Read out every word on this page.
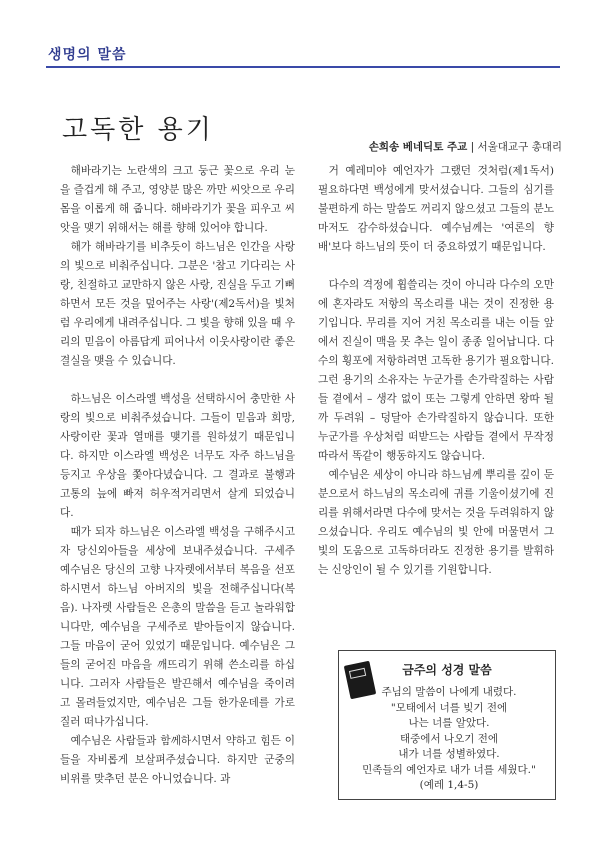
생명의 말씀
고독한 용기
손희송 베네딕토 주교 | 서울대교구 총대리

해바라기는 노란색의 크고 둥근 꽃으로 우리 눈을 즐겁게 해 주고, 영양분 많은 까만 씨앗으로 우리 몸을 이롭게 해 줍니다. 해바라기가 꽃을 피우고 씨앗을 맺기 위해서는 해를 향해 있어야 합니다.

해가 해바라기를 비추듯이 하느님은 인간을 사랑의 빛으로 비춰주십니다. 그분은 '참고 기다리는 사랑, 친절하고 교만하지 않은 사랑, 진실을 두고 기뻐하면서 모든 것을 덮어주는 사랑'(제2독서)을 빛처럼 우리에게 내려주십니다. 그 빛을 향해 있을 때 우리의 믿음이 아름답게 피어나서 이웃사랑이란 좋은 결실을 맺을 수 있습니다.

하느님은 이스라엘 백성을 선택하시어 충만한 사랑의 빛으로 비춰주셨습니다. 그들이 믿음과 희망, 사랑이란 꽃과 열매를 맺기를 원하셨기 때문입니다. 하지만 이스라엘 백성은 너무도 자주 하느님을 등지고 우상을 쫓아다녔습니다. 그 결과로 불행과 고통의 늪에 빠져 허우적거리면서 살게 되었습니다.

때가 되자 하느님은 이스라엘 백성을 구해주시고자 당신외아들을 세상에 보내주셨습니다. 구세주 예수님은 당신의 고향 나자렛에서부터 복음을 선포하시면서 하느님 아버지의 빛을 전해주십니다(복음). 나자렛 사람들은 은총의 말씀을 듣고 놀라워합니다만, 예수님을 구세주로 받아들이지 않습니다. 그들 마음이 굳어 있었기 때문입니다. 예수님은 그들의 굳어진 마음을 깨뜨리기 위해 쓴소리를 하십니다. 그러자 사람들은 발끈해서 예수님을 죽이려고 몰려들었지만, 예수님은 그들 한가운데를 가로질러 떠나가십니다.

예수님은 사람들과 함께하시면서 약하고 힘든 이들을 자비롭게 보살펴주셨습니다. 하지만 군중의 비위를 맞추던 분은 아니었습니다. 과

거 예레미야 예언자가 그랬던 것처럼(제1독서) 필요하다면 백성에게 맞서셨습니다. 그들의 심기를 불편하게 하는 말씀도 꺼리지 않으셨고 그들의 분노마저도 감수하셨습니다. 예수님께는 '여론의 향배'보다 하느님의 뜻이 더 중요하였기 때문입니다.

다수의 격정에 휩쓸리는 것이 아니라 다수의 오만에 혼자라도 저항의 목소리를 내는 것이 진정한 용기입니다. 무리를 지어 거친 목소리를 내는 이들 앞에서 진실이 맥을 못 추는 일이 종종 일어납니다. 다수의 횡포에 저항하려면 고독한 용기가 필요합니다. 그런 용기의 소유자는 누군가를 손가락질하는 사람들 곁에서 – 생각 없이 또는 그렇게 안하면 왕따 될까 두려워 – 덩달아 손가락질하지 않습니다. 또한 누군가를 우상처럼 떠받드는 사람들 곁에서 무작정 따라서 똑같이 행동하지도 않습니다.

예수님은 세상이 아니라 하느님께 뿌리를 깊이 둔 분으로서 하느님의 목소리에 귀를 기울이셨기에 진리를 위해서라면 다수에 맞서는 것을 두려워하지 않으셨습니다. 우리도 예수님의 빛 안에 머물면서 그 빛의 도움으로 고독하더라도 진정한 용기를 발휘하는 신앙인이 될 수 있기를 기원합니다.

금주의 성경 말씀
주님의 말씀이 나에게 내렸다.
"모태에서 너를 빚기 전에
나는 너를 알았다.
태중에서 나오기 전에
내가 너를 성별하였다.
민족들의 예언자로 내가 너를 세웠다."
(예레 1,4-5)
